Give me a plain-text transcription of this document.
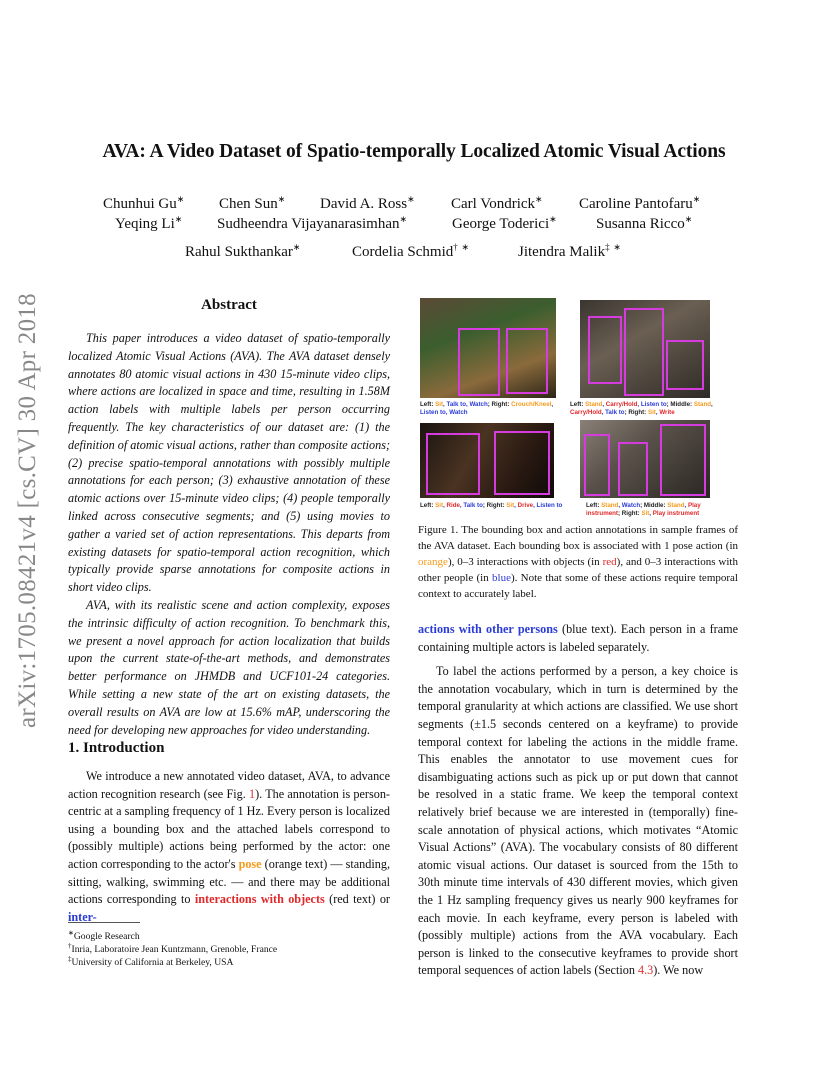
arXiv:1705.08421v4 [cs.CV] 30 Apr 2018
AVA: A Video Dataset of Spatio-temporally Localized Atomic Visual Actions
Chunhui Gu∗ Chen Sun∗ David A. Ross∗ Carl Vondrick∗ Caroline Pantofaru∗
Yeqing Li∗ Sudheendra Vijayanarasimhan∗	George Toderici∗	Susanna Ricco∗
Rahul Sukthankar∗	Cordelia Schmid† ∗	Jitendra Malik‡ ∗
Abstract

This paper introduces a video dataset of spatio-temporally localized Atomic Visual Actions (AVA). The AVA dataset densely annotates 80 atomic visual actions in 430 15-minute video clips, where actions are localized in space and time, resulting in 1.58M action labels with multiple labels per person occurring frequently. The key characteristics of our dataset are: (1) the definition of atomic visual actions, rather than composite actions; (2) precise spatio-temporal annotations with possibly multiple annotations for each person; (3) exhaustive annotation of these atomic actions over 15-minute video clips; (4) people temporally linked across consecutive segments; and (5) using movies to gather a varied set of action representations. This departs from existing datasets for spatio-temporal action recognition, which typically provide sparse annotations for composite actions in short video clips.

AVA, with its realistic scene and action complexity, exposes the intrinsic difficulty of action recognition. To benchmark this, we present a novel approach for action localization that builds upon the current state-of-the-art methods, and demonstrates better performance on JHMDB and UCF101-24 categories. While setting a new state of the art on existing datasets, the overall results on AVA are low at 15.6% mAP, underscoring the need for developing new approaches for video understanding.

1. Introduction

We introduce a new annotated video dataset, AVA, to advance action recognition research (see Fig. 1). The annotation is person-centric at a sampling frequency of 1 Hz. Every person is localized using a bounding box and the attached labels correspond to (possibly multiple) actions being performed by the actor: one action corresponding to the actor's pose (orange text) — standing, sitting, walking, swimming etc. — and there may be additional actions corresponding to interactions with objects (red text) or inter-

∗Google Research
†Inria, Laboratoire Jean Kuntzmann, Grenoble, France
‡University of California at Berkeley, USA
Left: Sit, Talk to, Watch; Right: Crouch/Kneel, Listen to, Watch
Left: Stand, Carry/Hold, Listen to; Middle: Stand, Carry/Hold, Talk to; Right: Sit, Write
Left: Sit, Ride, Talk to; Right: Sit, Drive, Listen to	Left: Stand, Watch; Middle: Stand, Play instrument; Right: Sit, Play instrument
Figure 1. The bounding box and action annotations in sample frames of the AVA dataset. Each bounding box is associated with 1 pose action (in orange), 0–3 interactions with objects (in red), and 0–3 interactions with other people (in blue). Note that some of these actions require temporal context to accurately label.

actions with other persons (blue text). Each person in a frame containing multiple actors is labeled separately.

To label the actions performed by a person, a key choice is the annotation vocabulary, which in turn is determined by the temporal granularity at which actions are classified. We use short segments (±1.5 seconds centered on a keyframe) to provide temporal context for labeling the actions in the middle frame. This enables the annotator to use movement cues for disambiguating actions such as pick up or put down that cannot be resolved in a static frame. We keep the temporal context relatively brief because we are interested in (temporally) fine-scale annotation of physical actions, which motivates “Atomic Visual Actions” (AVA). The vocabulary consists of 80 different atomic visual actions. Our dataset is sourced from the 15th to 30th minute time intervals of 430 different movies, which given the 1 Hz sampling frequency gives us nearly 900 keyframes for each movie. In each keyframe, every person is labeled with (possibly multiple) actions from the AVA vocabulary. Each person is linked to the consecutive keyframes to provide short temporal sequences of action labels (Section 4.3). We now
